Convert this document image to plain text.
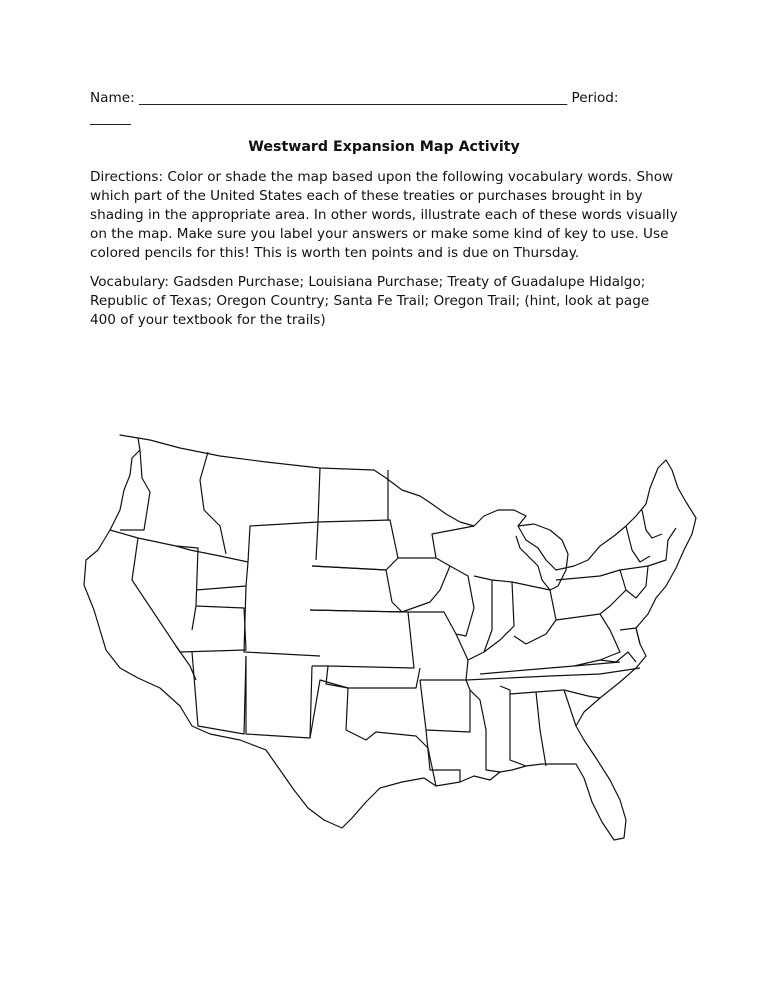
Name: _______________________________________________________________ Period:
______
Westward Expansion Map Activity
Directions: Color or shade the map based upon the following vocabulary words. Show
which part of the United States each of these treaties or purchases brought in by
shading in the appropriate area. In other words, illustrate each of these words visually
on the map. Make sure you label your answers or make some kind of key to use. Use
colored pencils for this! This is worth ten points and is due on Thursday.
Vocabulary: Gadsden Purchase; Louisiana Purchase; Treaty of Guadalupe Hidalgo;
Republic of Texas; Oregon Country; Santa Fe Trail; Oregon Trail; (hint, look at page
400 of your textbook for the trails)
